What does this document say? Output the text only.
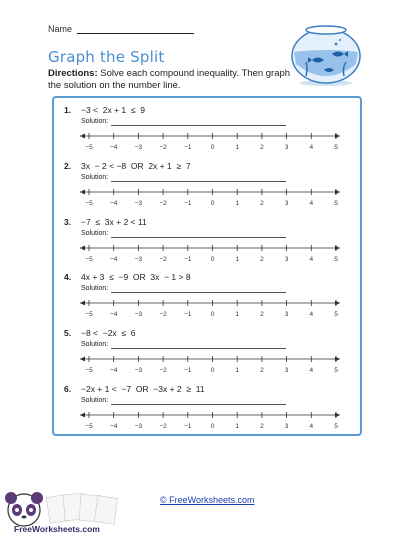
Name
Graph the Split
Directions: Solve each compound inequality. Then graph the solution on the number line.
1. −3 <  2x + 1  ≤  9
Solution:
−5	−4	−3	−2	−1	0	1	2	3	4	5
2. 3x  − 2 < −8  OR  2x + 1  ≥  7
Solution:
−5	−4	−3	−2	−1	0	1	2	3	4	5
3. −7  ≤  3x + 2 < 11
Solution:
−5	−4	−3	−2	−1	0	1	2	3	4	5
4. 4x + 3  ≤  −9  OR  3x  − 1 > 8
Solution:
−5	−4	−3	−2	−1	0	1	2	3	4	5
5. −8 <  −2x  ≤  6
Solution:
−5	−4	−3	−2	−1	0	1	2	3	4	5
6. −2x + 1 <  −7  OR  −3x + 2  ≥  11
Solution:
−5	−4	−3	−2	−1	0	1	2	3	4	5
© FreeWorksheets.com
FreeWorksheets.com
